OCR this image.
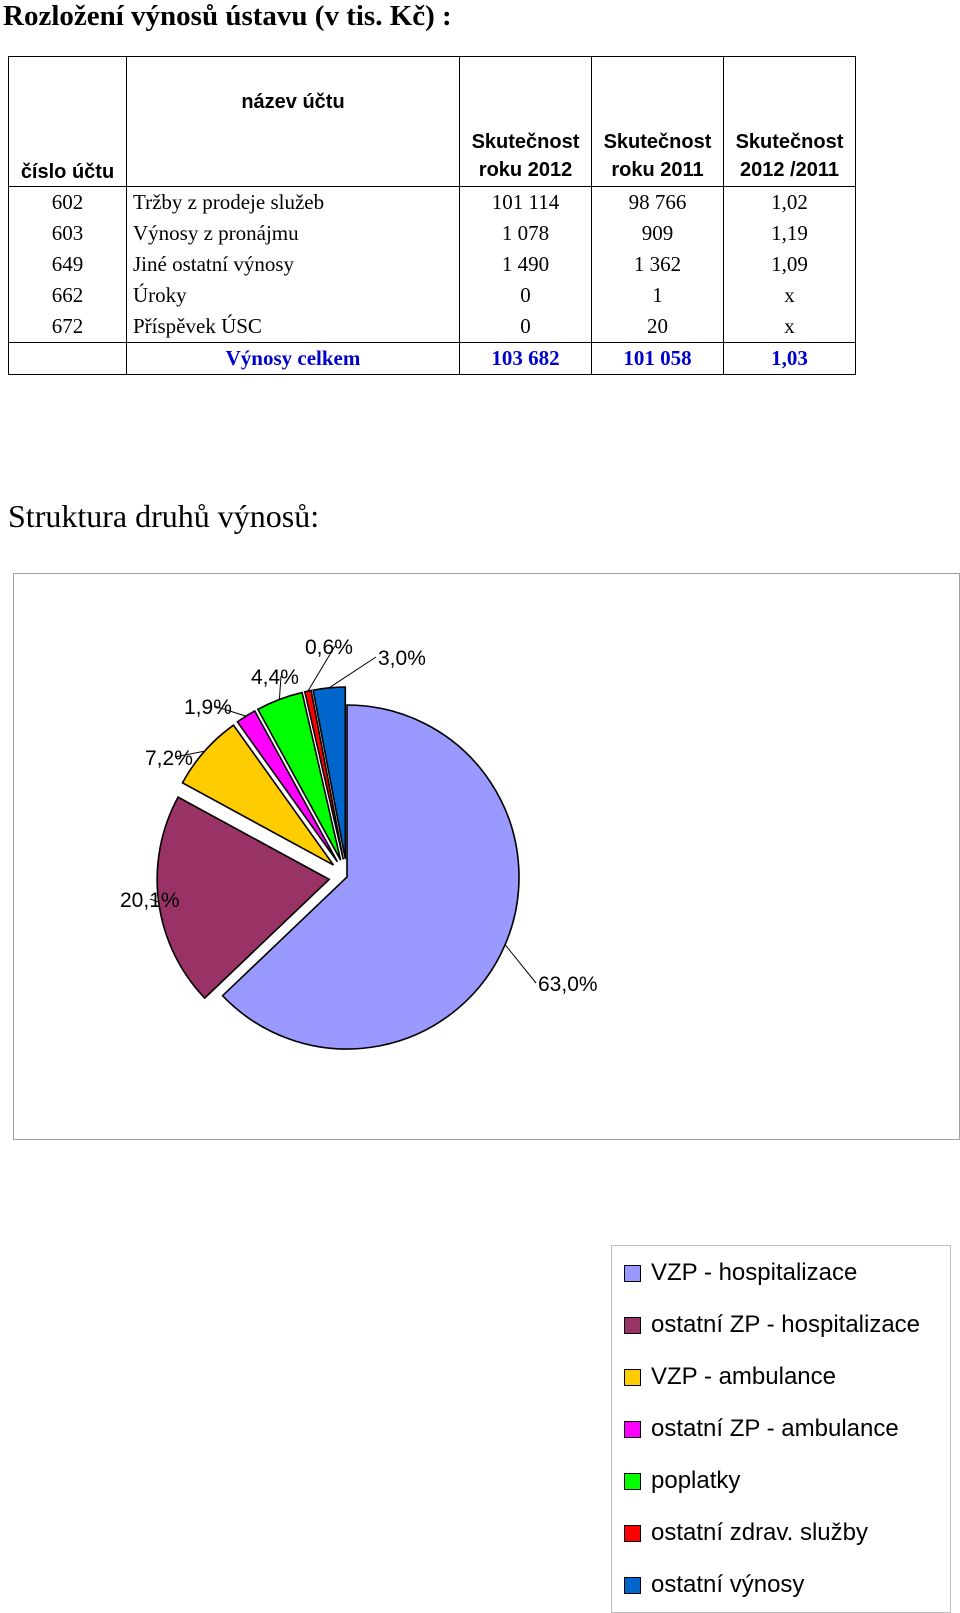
Rozložení výnosů ústavu (v tis. Kč) :
číslo účtu	název účtu	Skutečnost roku 2012	Skutečnost roku 2011	Skutečnost 2012 /2011
602	Tržby z prodeje služeb	101 114	98 766	1,02
603	Výnosy z pronájmu	1 078	909	1,19
649	Jiné ostatní výnosy	1 490	1 362	1,09
662	Úroky	0	1	x
672	Příspěvek ÚSC	0	20	x
	Výnosy celkem	103 682	101 058	1,03
Struktura druhů výnosů:
63,0%
20,1%
7,2%
1,9%
4,4%
0,6% 3,0%
VZP - hospitalizace
ostatní ZP - hospitalizace
VZP - ambulance
ostatní ZP - ambulance
poplatky
ostatní zdrav. služby
ostatní výnosy
